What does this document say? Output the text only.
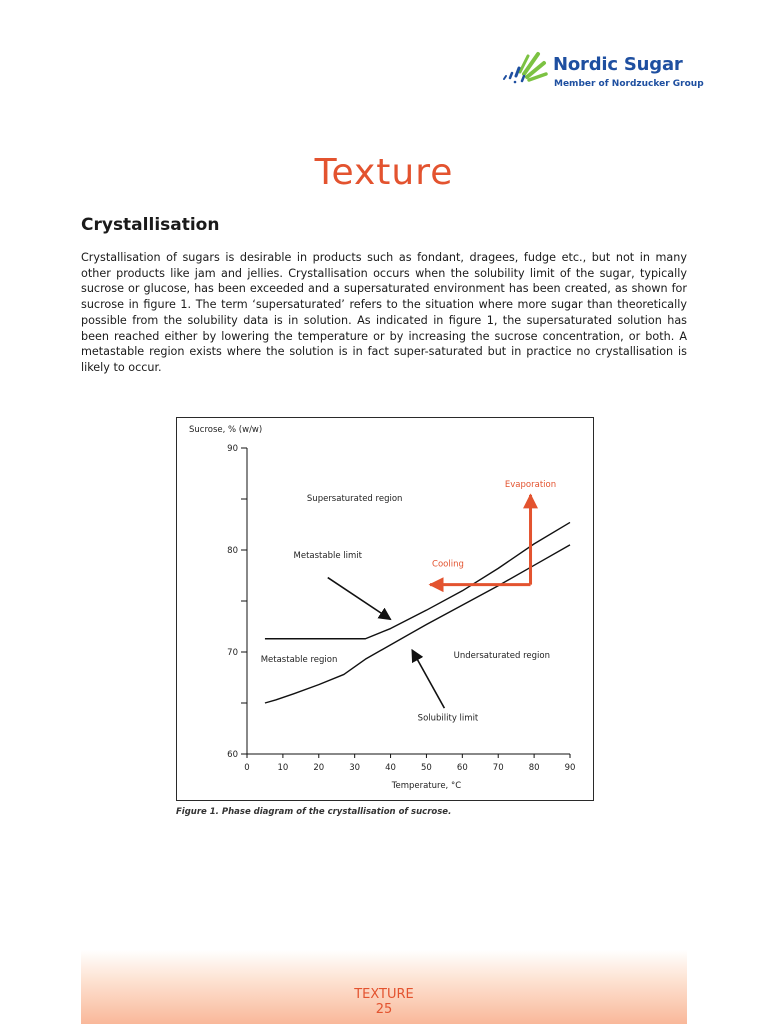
Nordic Sugar
Member of Nordzucker Group
Texture
Crystallisation

Crystallisation of sugars is desirable in products such as fondant, dragees, fudge etc., but not in many other products like jam and jellies. Crystallisation occurs when the solubility limit of the sugar, typically sucrose or glucose, has been exceeded and a supersaturated environment has been created, as shown for sucrose in figure 1. The term ‘supersaturated’ refers to the situation where more sugar than theoretically possible from the solubility data is in solution. As indicated in figure 1, the supersaturated solution has been reached either by lowering the temperature or by increasing the sucrose concentration, or both. A metastable region exists where the solution is in fact super-saturated but in practice no crystallisation is likely to occur.

0	10	20	30	40	50	60	70	80	90
60
70
80
90
Sucrose, % (w/w)
Temperature, °C
Supersaturated region
Metastable limit
Metastable region	Undersaturated region
Solubility limit
Cooling
Evaporation
Figure 1. Phase diagram of the crystallisation of sucrose.
TEXTURE
25
